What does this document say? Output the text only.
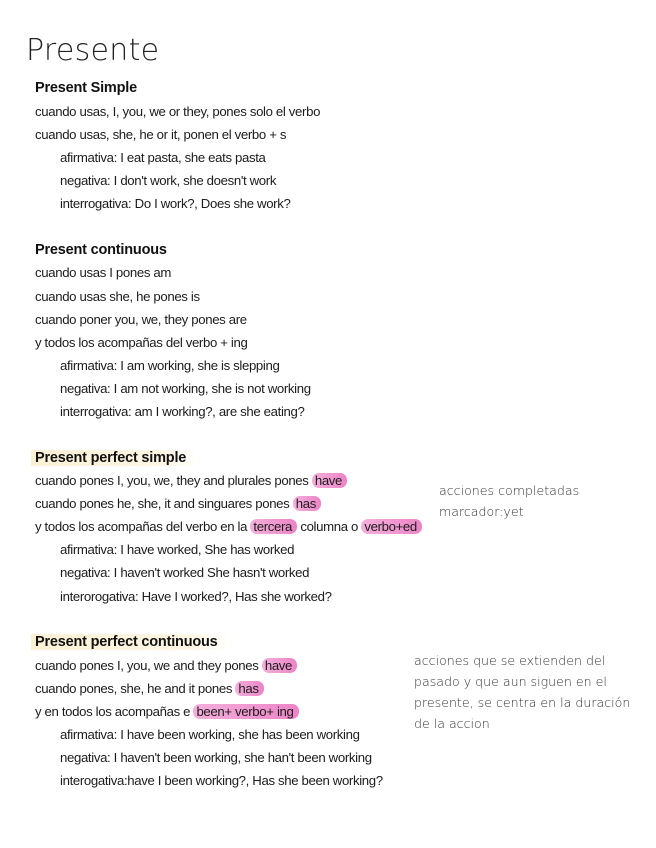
Presente
Present Simple
cuando usas, I, you, we or they, pones solo el verbo
cuando usas, she, he or it, ponen el verbo + s
afirmativa: I eat pasta, she eats pasta
negativa: I don't work, she doesn't work
interrogativa: Do I work?, Does she work?
Present continuous
cuando usas I pones am
cuando usas she, he pones is
cuando poner you, we, they pones are
y todos los acompañas del verbo + ing
afirmativa: I am working, she is slepping
negativa: I am not working, she is not working
interrogativa: am I working?, are she eating?
Present perfect simple
cuando pones I, you, we, they and plurales pones have
cuando pones he, she, it and singuares pones has
y todos los acompañas del verbo en la tercera columna o verbo+ed
afirmativa: I have worked, She has worked
negativa: I haven't worked She hasn't worked
interorogativa: Have I worked?, Has she worked?
acciones completadas
marcador:yet
Present perfect continuous
cuando pones I, you, we and they pones have
cuando pones, she, he and it pones has
y en todos los acompañas e been+ verbo+ ing
afirmativa: I have been working, she has been working
negativa: I haven't been working, she han't been working
interogativa:have I been working?, Has she been working?
acciones que se extienden del
pasado y que aun siguen en el
presente, se centra en la duración
de la accion
